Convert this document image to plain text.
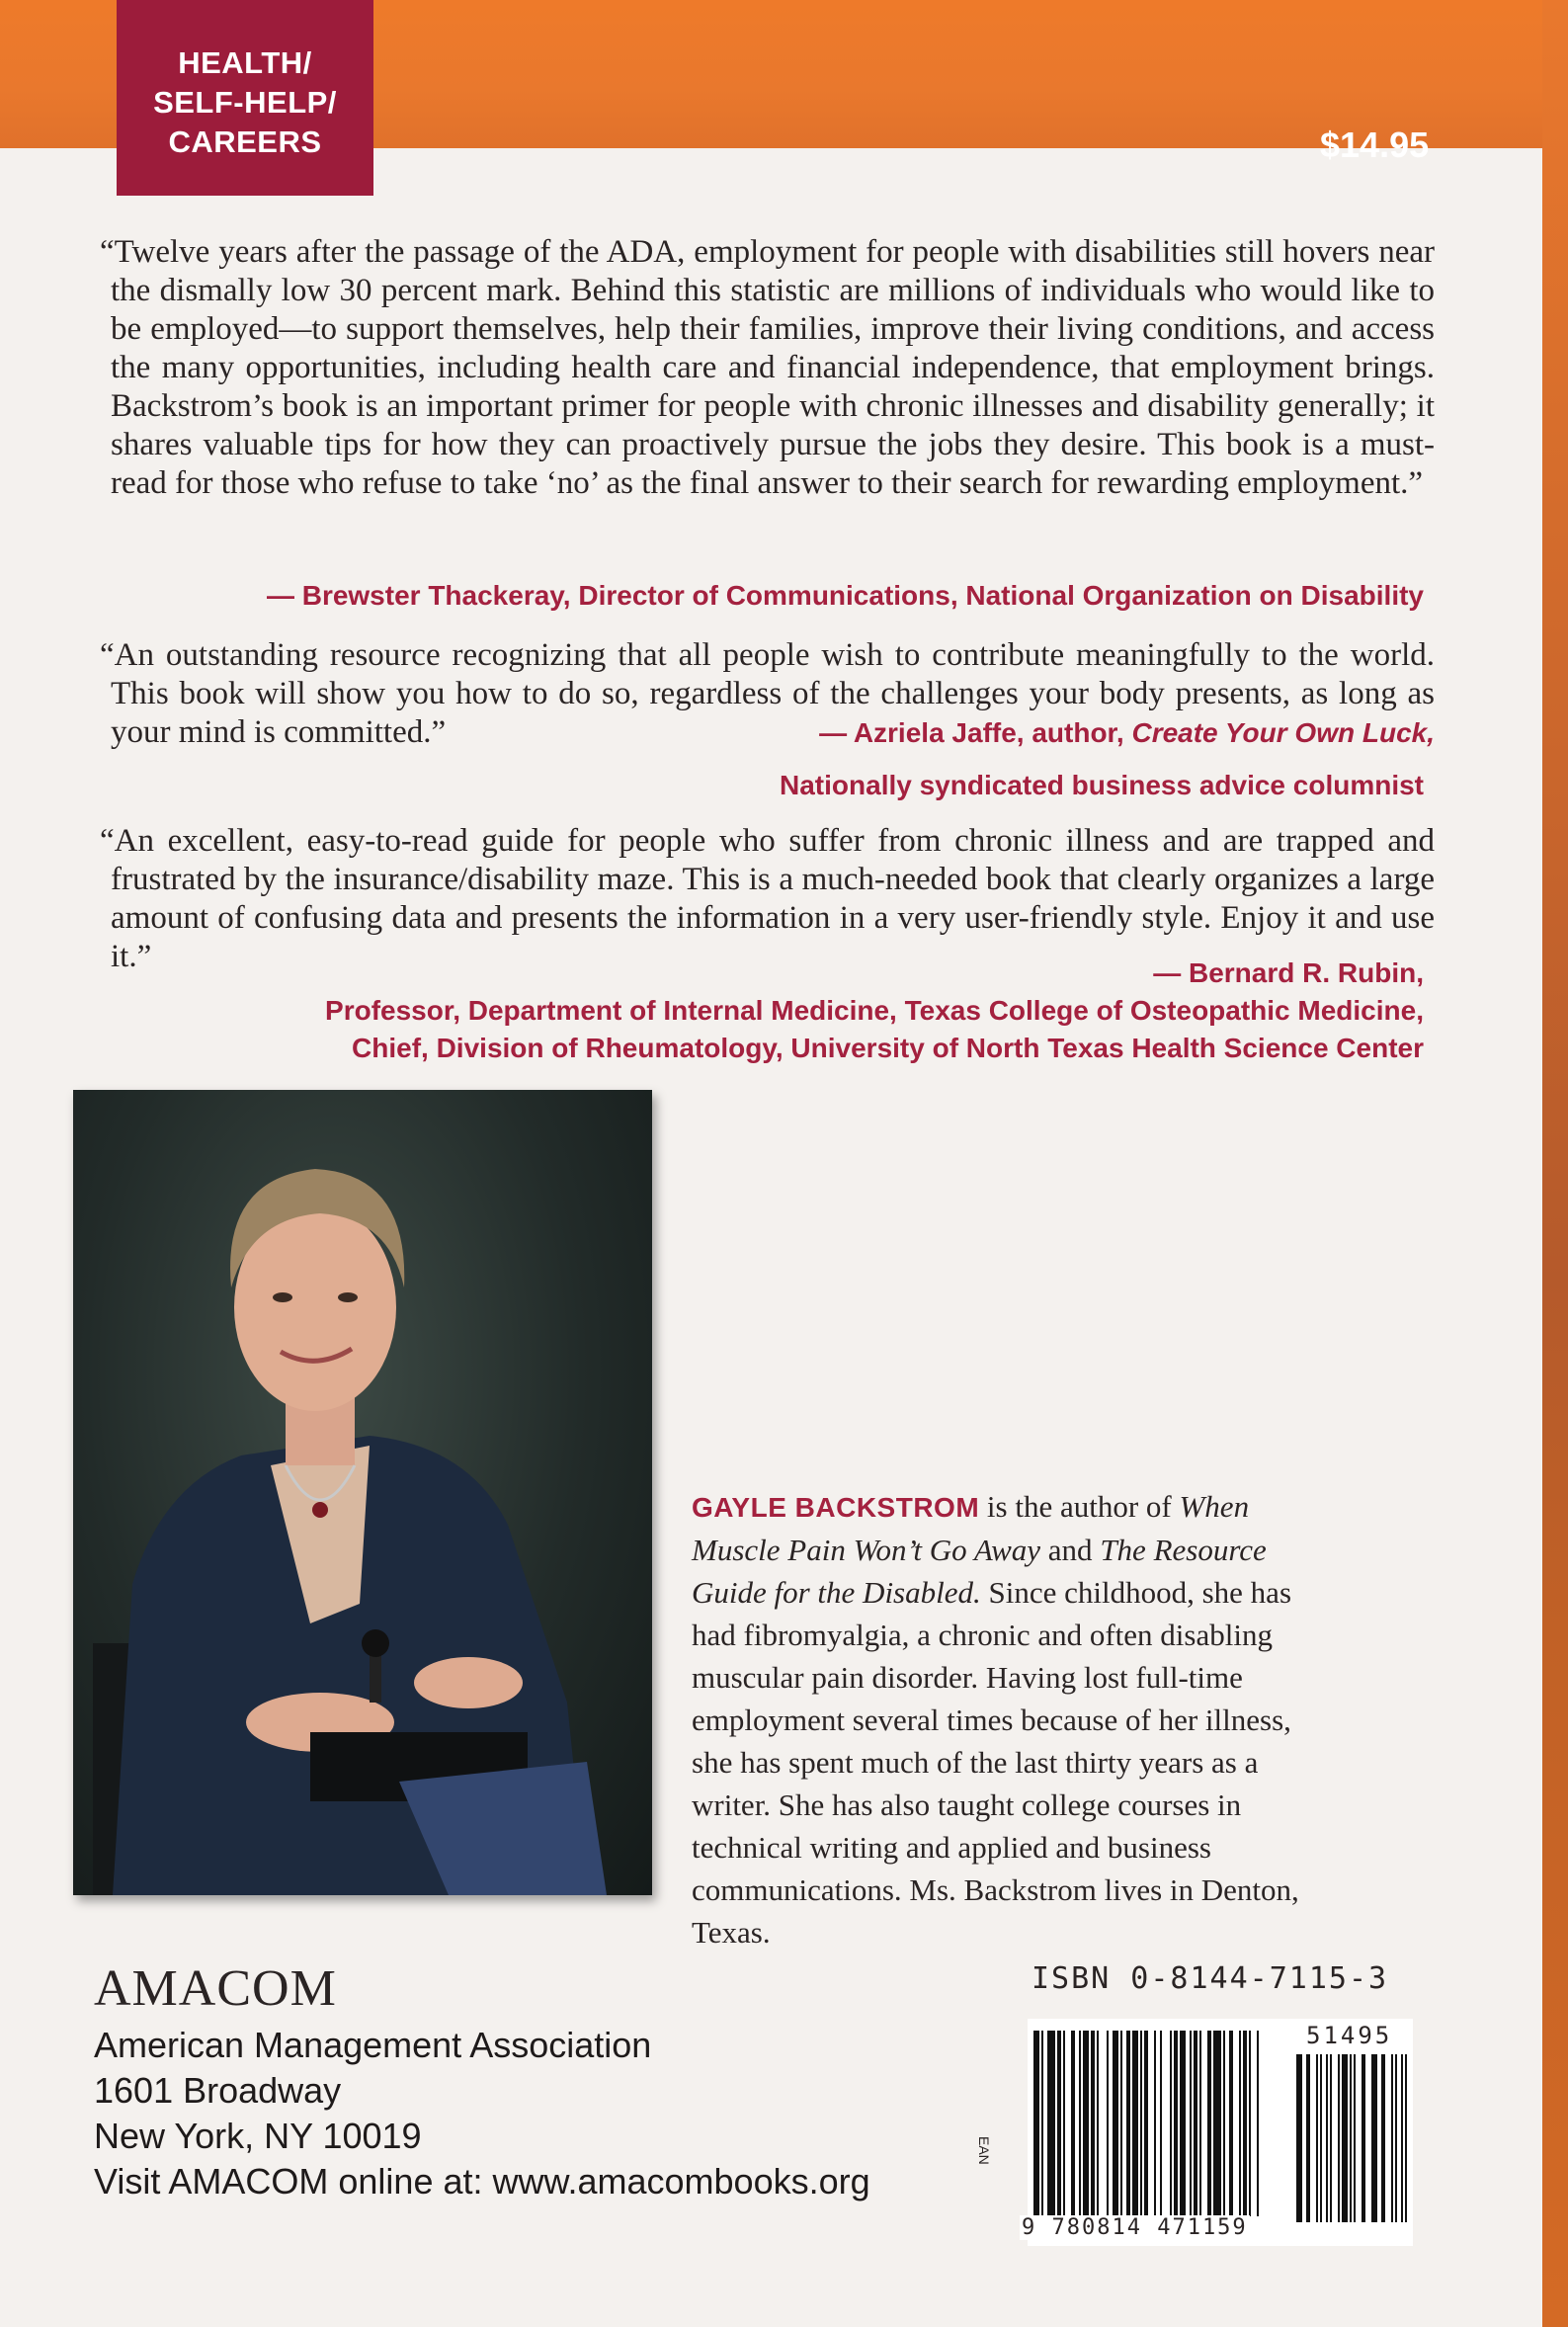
HEALTH/
SELF-HELP/
CAREERS	$14.95

“Twelve years after the passage of the ADA, employment for people with disabilities still hovers near the dismally low 30 percent mark. Behind this statistic are millions of individuals who would like to be employed—to support themselves, help their families, improve their living conditions, and access the many opportunities, including health care and financial independence, that employment brings. Backstrom’s book is an important primer for people with chronic illnesses and disability generally; it shares valuable tips for how they can proactively pursue the jobs they desire. This book is a must-read for those who refuse to take ‘no’ as the final answer to their search for rewarding employment.”

— Brewster Thackeray, Director of Communications, National Organization on Disability

“An outstanding resource recognizing that all people wish to contribute meaningfully to the world. This book will show you how to do so, regardless of the challenges your body presents, as long as your mind is committed.”	— Azriela Jaffe, author, Create Your Own Luck,

Nationally syndicated business advice columnist

“An excellent, easy-to-read guide for people who suffer from chronic illness and are trapped and frustrated by the insurance/disability maze. This is a much-needed book that clearly organizes a large amount of confusing data and presents the information in a very user-friendly style. Enjoy it and use it.”	— Bernard R. Rubin,
Professor, Department of Internal Medicine, Texas College of Osteopathic Medicine,
Chief, Division of Rheumatology, University of North Texas Health Science Center
GAYLE BACKSTROM is the author of When Muscle Pain Won’t Go Away and The Resource Guide for the Disabled. Since childhood, she has had fibromyalgia, a chronic and often disabling muscular pain disorder. Having lost full-time employment several times because of her illness, she has spent much of the last thirty years as a writer. She has also taught college courses in technical writing and applied and business communications. Ms. Backstrom lives in Denton, Texas.
AMACOM
American Management Association
1601 Broadway
New York, NY 10019
Visit AMACOM online at: www.amacombooks.org
ISBN 0-8144-7115-3
51495
EAN
9 780814 471159
